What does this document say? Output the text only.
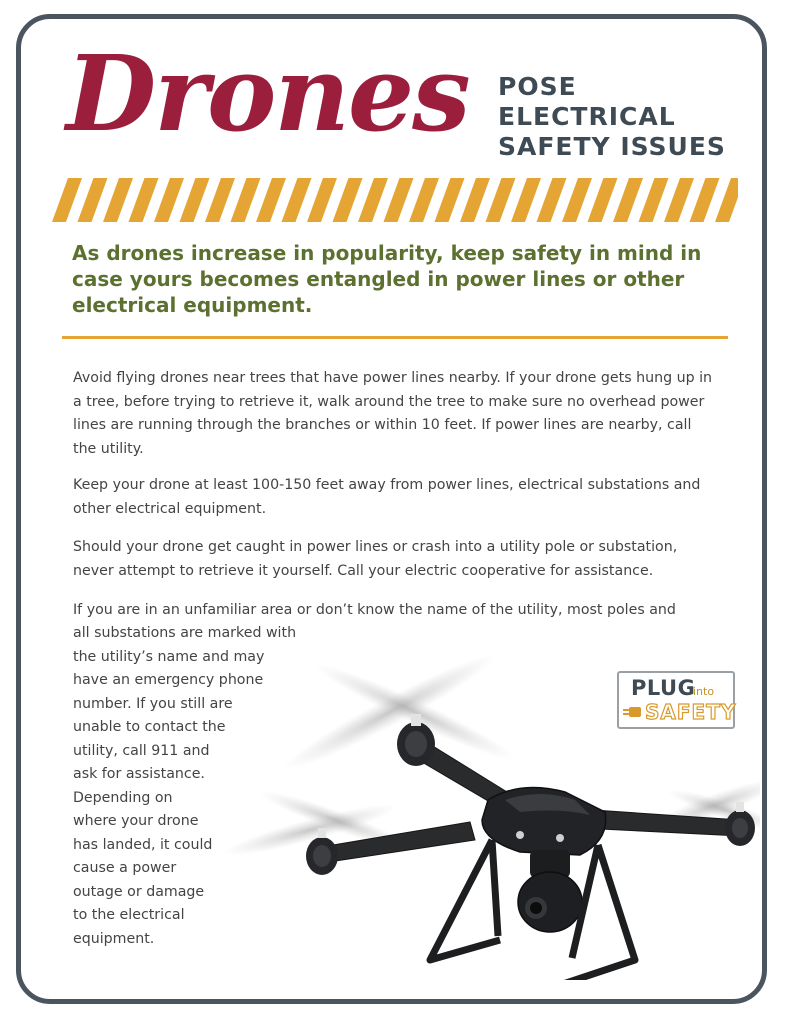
Drones POSE
ELECTRICAL
SAFETY ISSUES
As drones increase in popularity, keep safety in mind in case yours becomes entangled in power lines or other electrical equipment.
Avoid flying drones near trees that have power lines nearby. If your drone gets hung up in a tree, before trying to retrieve it, walk around the tree to make sure no overhead power lines are running through the branches or within 10 feet. If power lines are nearby, call the utility.
Keep your drone at least 100-150 feet away from power lines, electrical substations and other electrical equipment.
Should your drone get caught in power lines or crash into a utility pole or substation, never attempt to retrieve it yourself. Call your electric cooperative for assistance.
If you are in an unfamiliar area or don’t know the name of the utility, most poles and
all substations are marked with
the utility’s name and may
have an emergency phone
number. If you still are
unable to contact the
utility, call 911 and
ask for assistance.
Depending on
where your drone
has landed, it could
cause a power
outage or damage
to the electrical
equipment.
PLUG
into
SAFETY
